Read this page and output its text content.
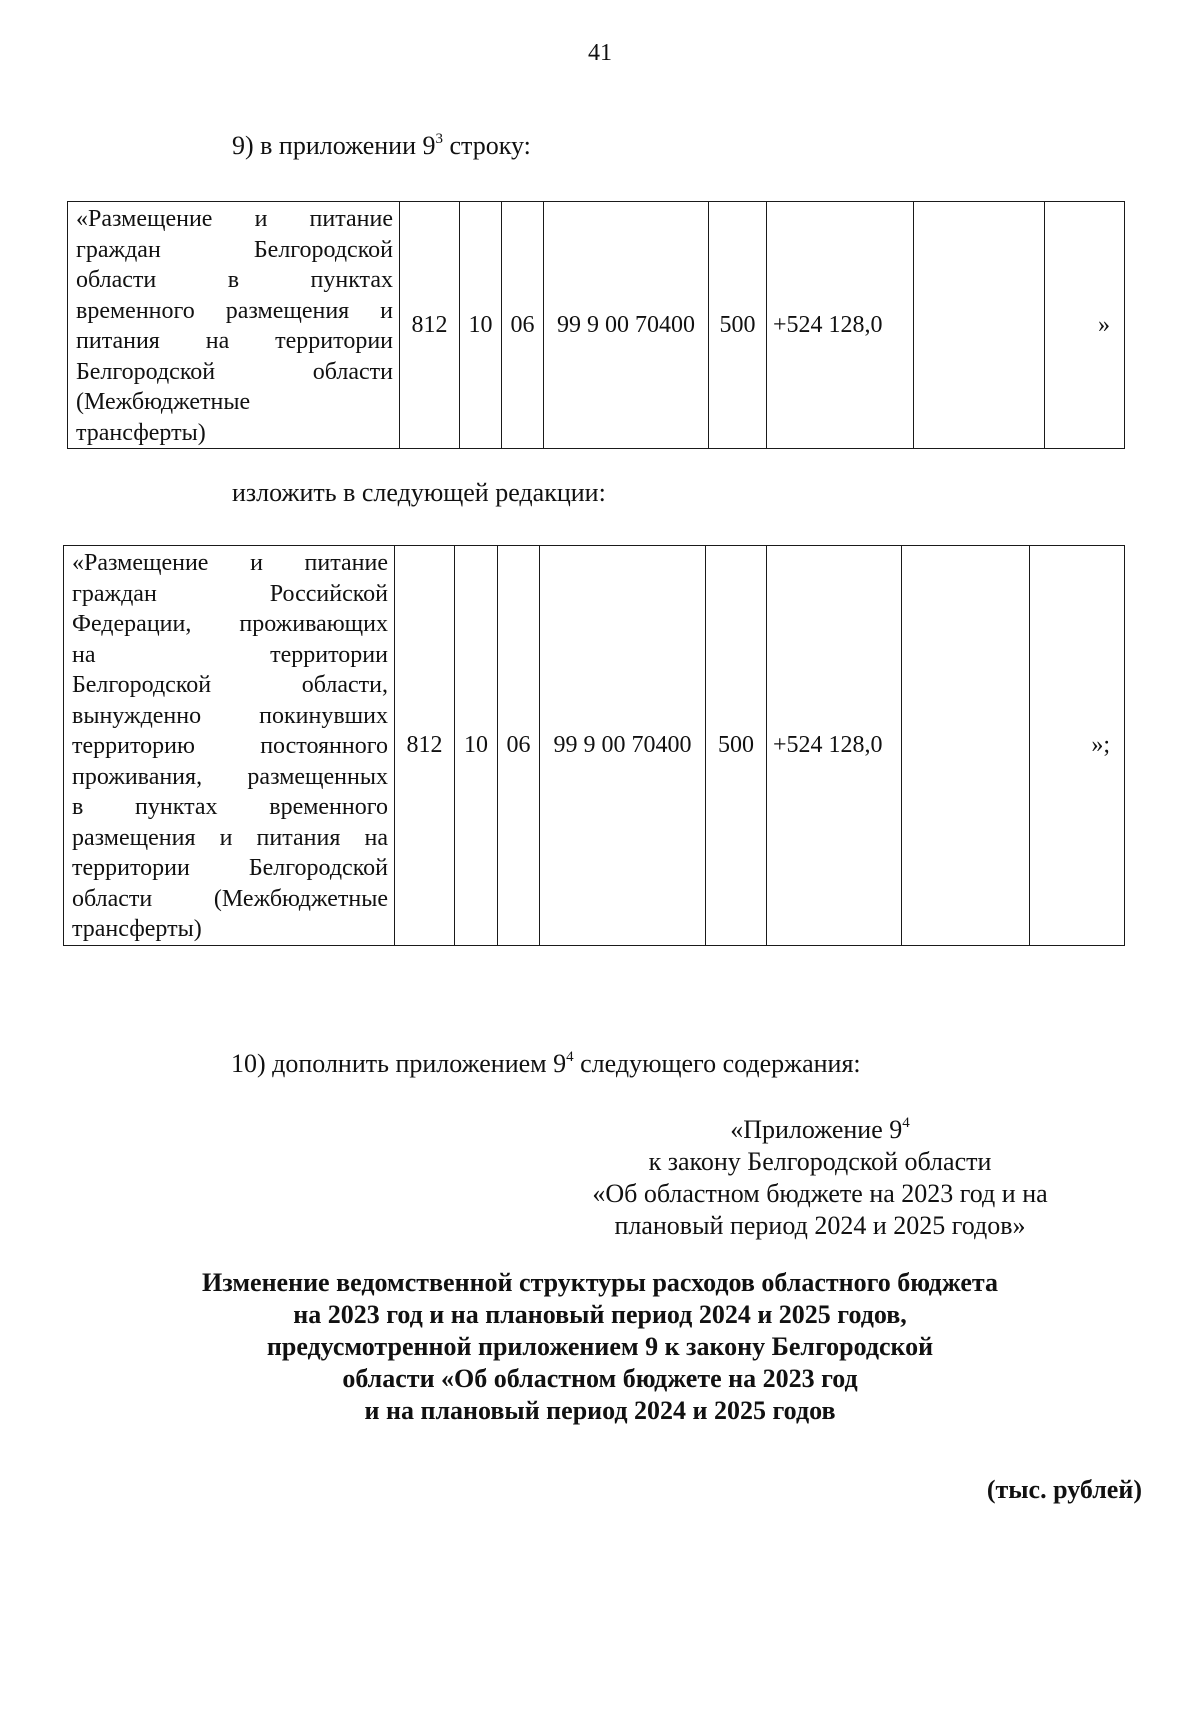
41
9) в приложении $9^3$ строку:
«Размещение и питание
граждан Белгородской
области в пунктах
временного размещения и
питания на территории
Белгородской области
(Межбюджетные
трансферты)
	812	10	06	99 9 00 70400	500	+524 128,0		»
изложить в следующей редакции:
«Размещение и питание
граждан Российской
Федерации, проживающих
на территории
Белгородской области,
вынужденно покинувших
территорию постоянного
проживания, размещенных
в пунктах временного
размещения и питания на
территории Белгородской
области (Межбюджетные
трансферты)
	812	10	06	99 9 00 70400	500	+524 128,0		»;
10) дополнить приложением $9^4$ следующего содержания:
«Приложение $9^4$
к закону Белгородской области
«Об областном бюджете на 2023 год и на
плановый период 2024 и 2025 годов»
Изменение ведомственной структуры расходов областного бюджета
на 2023 год и на плановый период 2024 и 2025 годов,
предусмотренной приложением 9 к закону Белгородской
области «Об областном бюджете на 2023 год
и на плановый период 2024 и 2025 годов
(тыс. рублей)
